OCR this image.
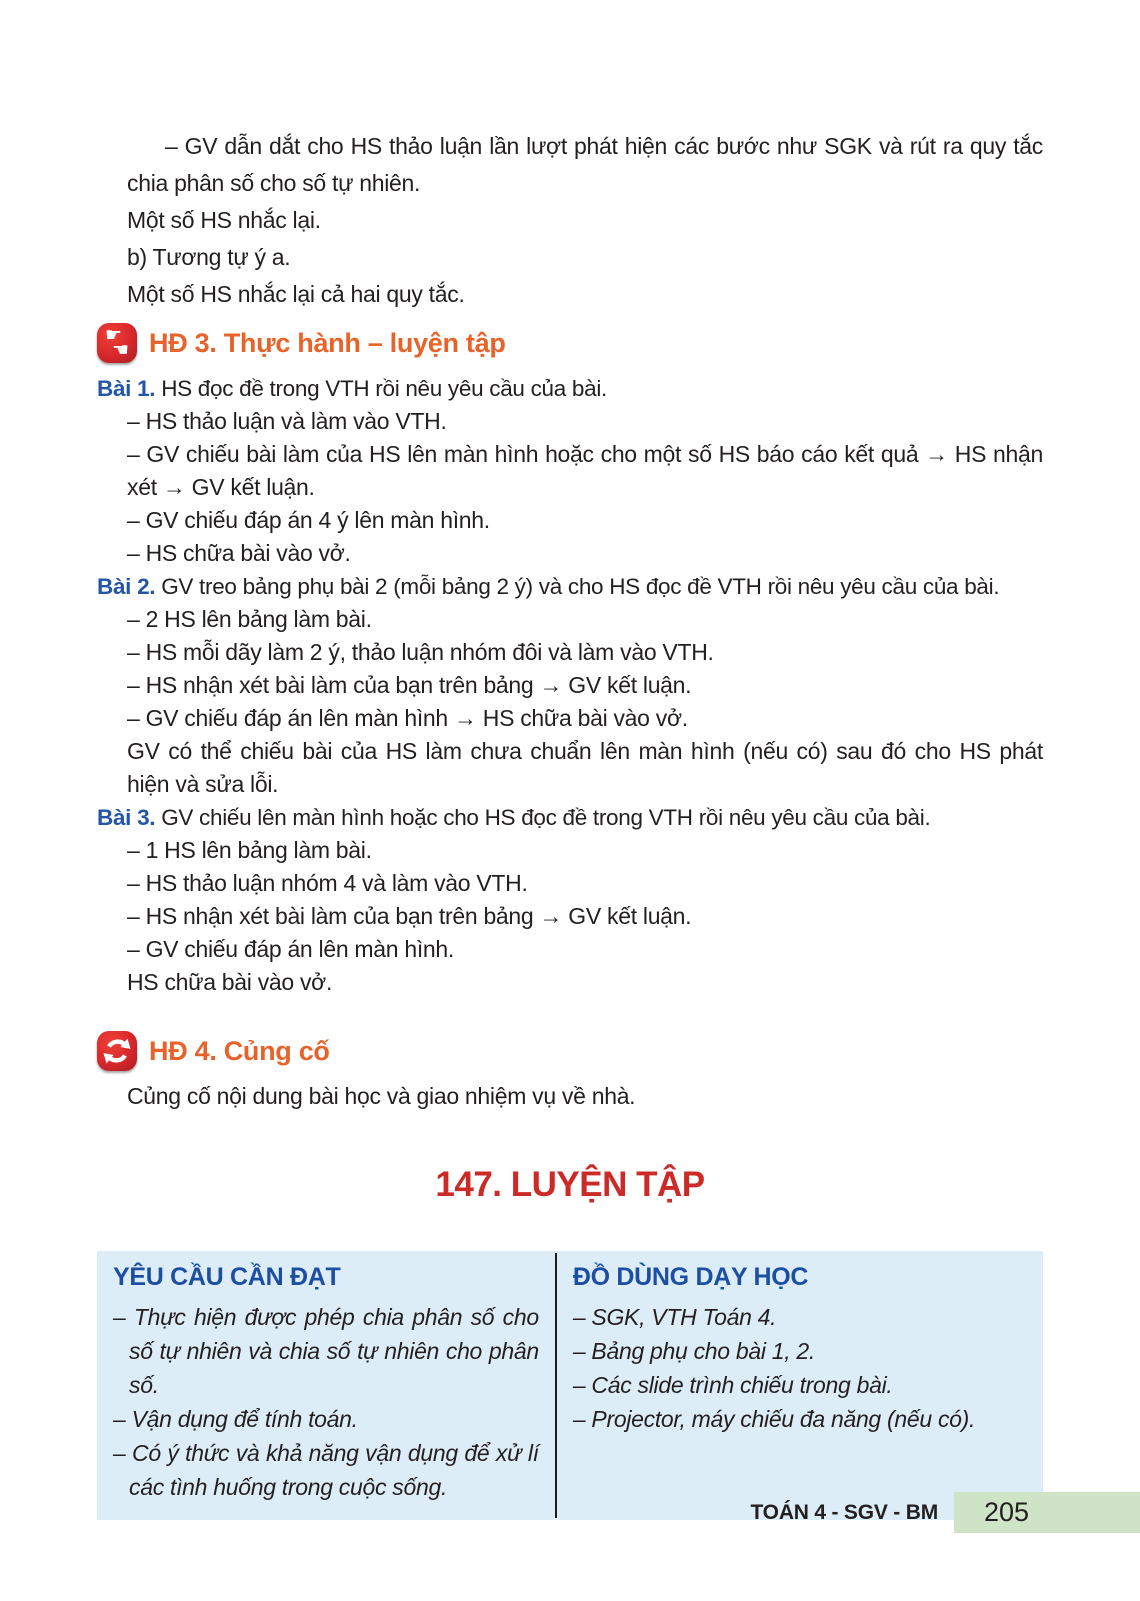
– GV dẫn dắt cho HS thảo luận lần lượt phát hiện các bước như SGK và rút ra quy tắc chia phân số cho số tự nhiên.

Một số HS nhắc lại.

b) Tương tự ý a.

Một số HS nhắc lại cả hai quy tắc.

☛
☚ HĐ 3. Thực hành – luyện tập

Bài 1. HS đọc đề trong VTH rồi nêu yêu cầu của bài.

– HS thảo luận và làm vào VTH.

– GV chiếu bài làm của HS lên màn hình hoặc cho một số HS báo cáo kết quả → HS nhận xét → GV kết luận.

– GV chiếu đáp án 4 ý lên màn hình.

– HS chữa bài vào vở.

Bài 2. GV treo bảng phụ bài 2 (mỗi bảng 2 ý) và cho HS đọc đề VTH rồi nêu yêu cầu của bài.

– 2 HS lên bảng làm bài.

– HS mỗi dãy làm 2 ý, thảo luận nhóm đôi và làm vào VTH.

– HS nhận xét bài làm của bạn trên bảng → GV kết luận.

– GV chiếu đáp án lên màn hình → HS chữa bài vào vở.

GV có thể chiếu bài của HS làm chưa chuẩn lên màn hình (nếu có) sau đó cho HS phát hiện và sửa lỗi.

Bài 3. GV chiếu lên màn hình hoặc cho HS đọc đề trong VTH rồi nêu yêu cầu của bài.

– 1 HS lên bảng làm bài.

– HS thảo luận nhóm 4 và làm vào VTH.

– HS nhận xét bài làm của bạn trên bảng → GV kết luận.

– GV chiếu đáp án lên màn hình.

HS chữa bài vào vở.

HĐ 4. Củng cố

Củng cố nội dung bài học và giao nhiệm vụ về nhà.

147. LUYỆN TẬP
YÊU CẦU CẦN ĐẠT

– Thực hiện được phép chia phân số cho số tự nhiên và chia số tự nhiên cho phân số.

– Vận dụng để tính toán.

– Có ý thức và khả năng vận dụng để xử lí các tình huống trong cuộc sống.

ĐỒ DÙNG DẠY HỌC

– SGK, VTH Toán 4.

– Bảng phụ cho bài 1, 2.

– Các slide trình chiếu trong bài.

– Projector, máy chiếu đa năng (nếu có).

TOÁN 4 - SGV - BM	205
